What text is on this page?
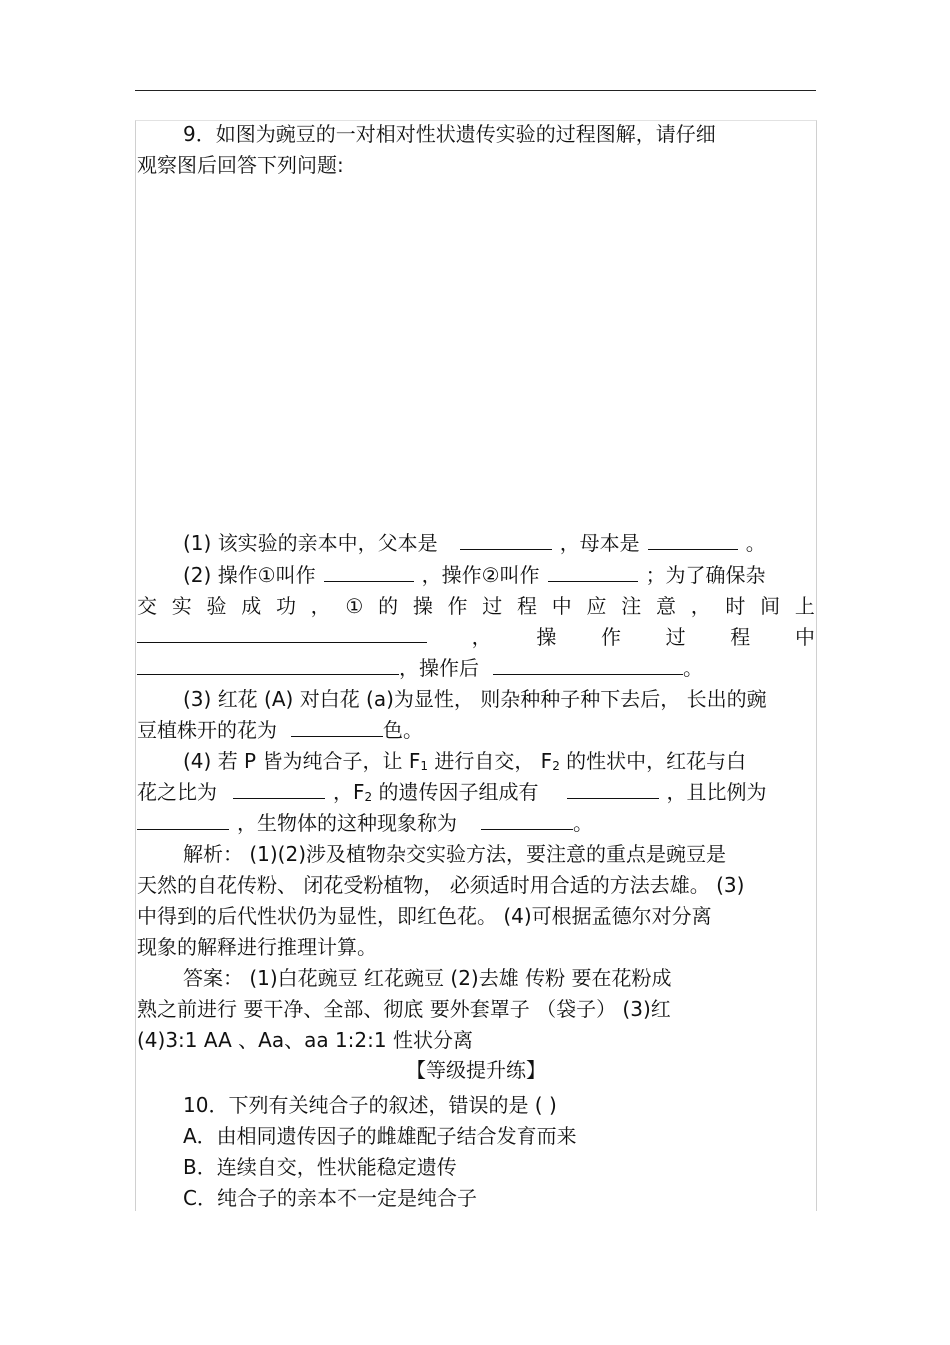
9．如图为豌豆的一对相对性状遗传实验的过程图解，请仔细
观察图后回答下列问题:
(1) 该实验的亲本中，父本是	，母本是	。
(2) 操作①叫作	，操作②叫作	；为了确保杂
交 实 验 成 功 ， ① 的 操 作 过 程 中 应 注 意 ， 时 间 上
， 操 作 过 程 中
，操作后	。
(3) 红花 (A) 对白花 (a)为显性， 则杂种种子种下去后， 长出的豌
豆植株开的花为	色。
(4) 若 P 皆为纯合子，让 $F_1$ 进行自交， $F_2$ 的性状中，红花与白
花之比为	，$F_2$ 的遗传因子组成有	，且比例为
，生物体的这种现象称为	。
解析： (1)(2)涉及植物杂交实验方法，要注意的重点是豌豆是
天然的自花传粉、 闭花受粉植物， 必须适时用合适的方法去雄。 (3)
中得到的后代性状仍为显性，即红色花。 (4)可根据孟德尔对分离
现象的解释进行推理计算。
答案： (1)白花豌豆 红花豌豆 (2)去雄 传粉 要在花粉成
熟之前进行 要干净、全部、彻底 要外套罩子 （袋子） (3)红
(4)3:1 AA 、Aa、aa 1:2:1 性状分离
【等级提升练】
10．下列有关纯合子的叙述，错误的是 ( )
A．由相同遗传因子的雌雄配子结合发育而来
B．连续自交，性状能稳定遗传
C．纯合子的亲本不一定是纯合子
